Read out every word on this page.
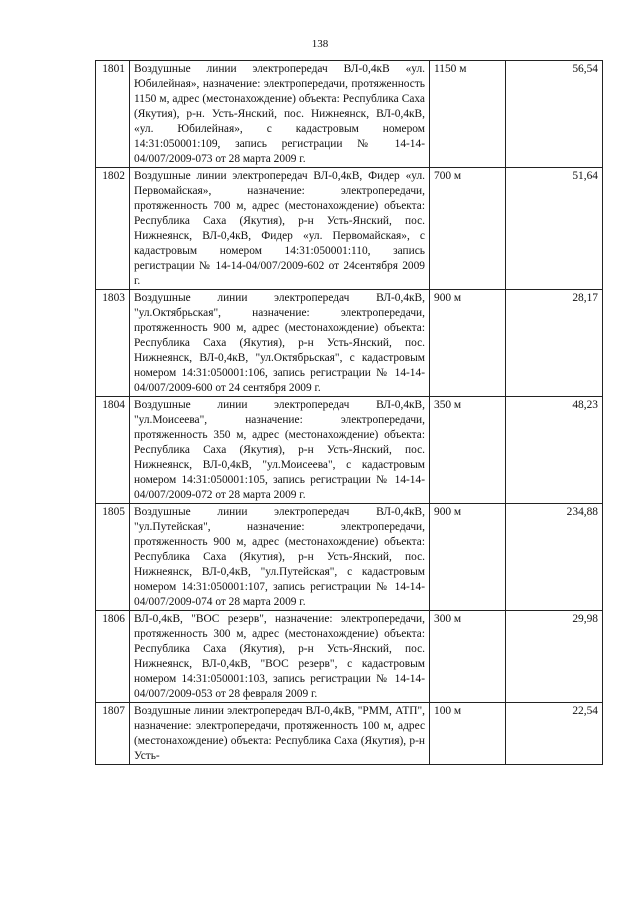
138
1801	Воздушные линии электропередач ВЛ-0,4кВ «ул. Юбилейная», назначение: электропередачи, протяженность 1150 м, адрес (местонахождение) объекта: Республика Саха (Якутия), р-н. Усть-Янский, пос. Нижнеянск, ВЛ-0,4кВ, «ул. Юбилейная», с кадастровым номером 14:31:050001:109, запись регистрации № 14-14-04/007/2009-073 от 28 марта 2009 г.	1150 м	56,54
1802	Воздушные линии электропередач ВЛ-0,4кВ, Фидер «ул. Первомайская», назначение: электропередачи, протяженность 700 м, адрес (местонахождение) объекта: Республика Саха (Якутия), р-н Усть-Янский, пос. Нижнеянск, ВЛ-0,4кВ, Фидер «ул. Первомайская», с кадастровым номером 14:31:050001:110, запись регистрации № 14-14-04/007/2009-602 от 24сентября 2009 г.	700 м	51,64
1803	Воздушные линии электропередач ВЛ-0,4кВ, "ул.Октябрьская", назначение: электропередачи, протяженность 900 м, адрес (местонахождение) объекта: Республика Саха (Якутия), р-н Усть-Янский, пос. Нижнеянск, ВЛ-0,4кВ, "ул.Октябрьская", с кадастровым номером 14:31:050001:106, запись регистрации № 14-14-04/007/2009-600 от 24 сентября 2009 г.	900 м	28,17
1804	Воздушные линии электропередач ВЛ-0,4кВ, "ул.Моисеева", назначение: электропередачи, протяженность 350 м, адрес (местонахождение) объекта: Республика Саха (Якутия), р-н Усть-Янский, пос. Нижнеянск, ВЛ-0,4кВ, "ул.Моисеева", с кадастровым номером 14:31:050001:105, запись регистрации № 14-14-04/007/2009-072 от 28 марта 2009 г.	350 м	48,23
1805	Воздушные линии электропередач ВЛ-0,4кВ, "ул.Путейская", назначение: электропередачи, протяженность 900 м, адрес (местонахождение) объекта: Республика Саха (Якутия), р-н Усть-Янский, пос. Нижнеянск, ВЛ-0,4кВ, "ул.Путейская", с кадастровым номером 14:31:050001:107, запись регистрации № 14-14-04/007/2009-074 от 28 марта 2009 г.	900 м	234,88
1806	ВЛ-0,4кВ, "ВОС резерв", назначение: электропередачи, протяженность 300 м, адрес (местонахождение) объекта: Республика Саха (Якутия), р-н Усть-Янский, пос. Нижнеянск, ВЛ-0,4кВ, "ВОС резерв", с кадастровым номером 14:31:050001:103, запись регистрации № 14-14-04/007/2009-053 от 28 февраля 2009 г.	300 м	29,98
1807	Воздушные линии электропередач ВЛ-0,4кВ, "РММ, АТП", назначение: электропередачи, протяженность 100 м, адрес (местонахождение) объекта: Республика Саха (Якутия), р-н Усть-	100 м	22,54
